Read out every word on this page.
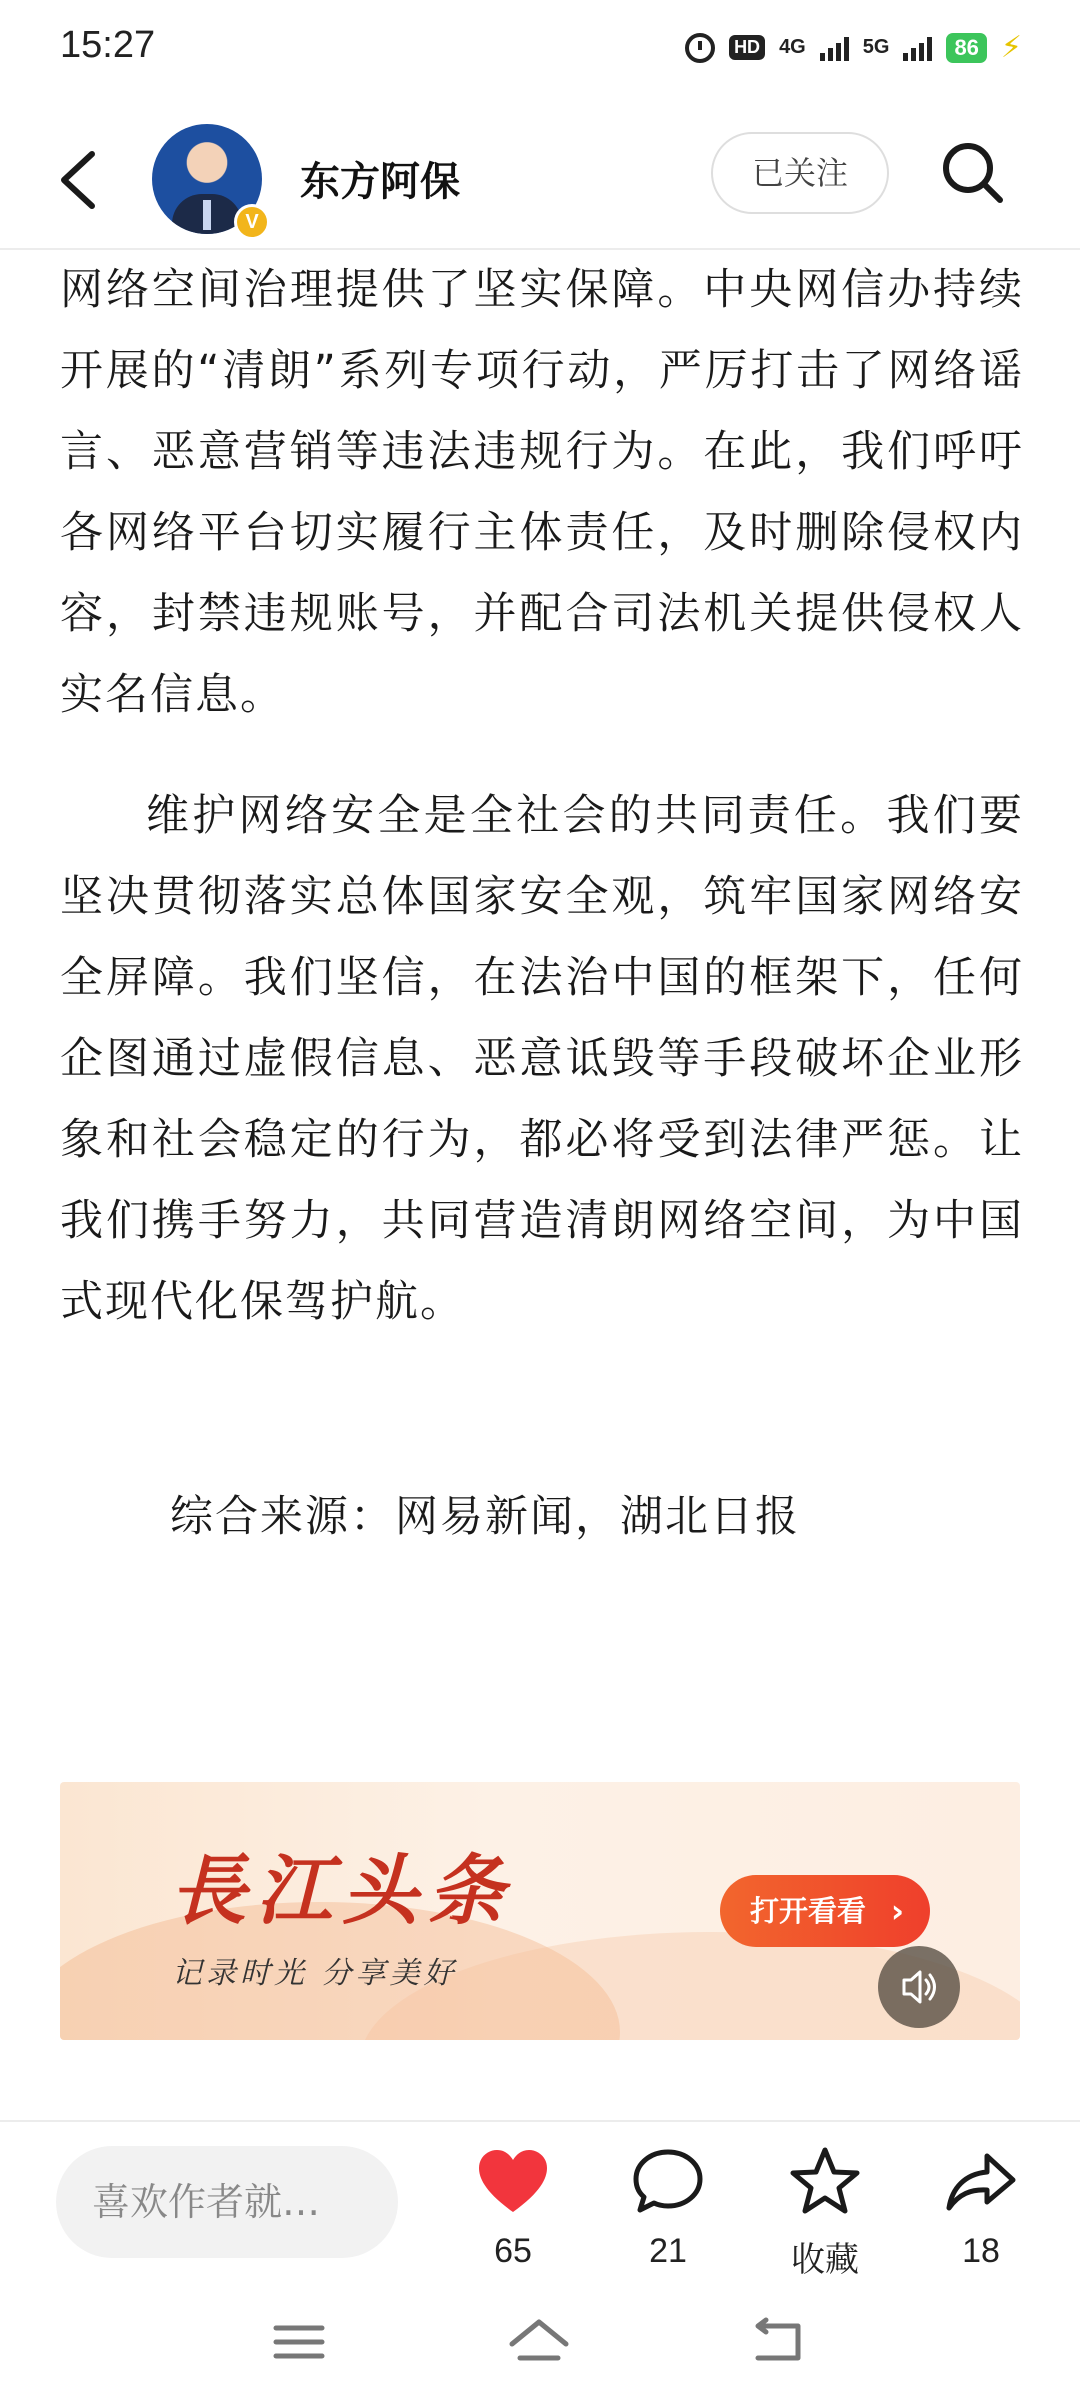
15:27	HD 4G	5G	86 ⚡
V
东方阿保	已关注

网络空间治理提供了坚实保障。中央网信办持续开展的“清朗”系列专项行动，严厉打击了网络谣言、恶意营销等违法违规行为。在此，我们呼吁各网络平台切实履行主体责任，及时删除侵权内容，封禁违规账号，并配合司法机关提供侵权人实名信息。

维护网络安全是全社会的共同责任。我们要坚决贯彻落实总体国家安全观，筑牢国家网络安全屏障。我们坚信，在法治中国的框架下，任何企图通过虚假信息、恶意诋毁等手段破坏企业形象和社会稳定的行为，都必将受到法律严惩。让我们携手努力，共同营造清朗网络空间，为中国式现代化保驾护航。

综合来源：网易新闻，湖北日报
長江头条
记录时光 分享美好
打开看看 ›
喜欢作者就…
65	21	收藏	18
